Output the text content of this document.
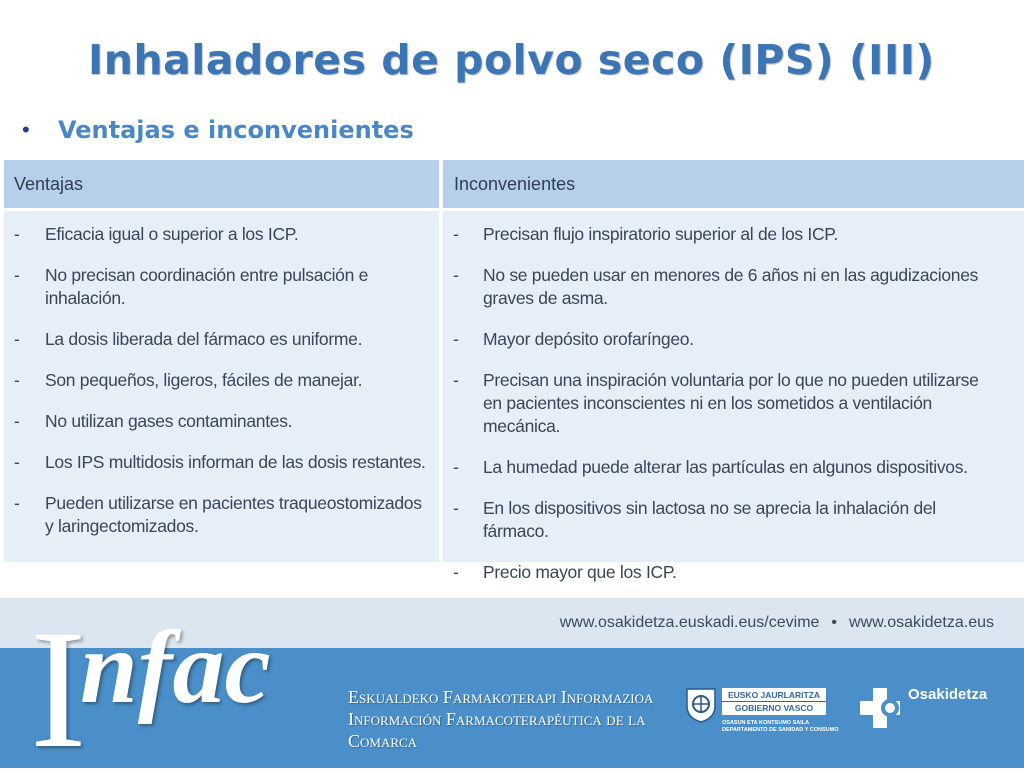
Inhaladores de polvo seco (IPS) (III)
•	Ventajas e inconvenientes
Ventajas
- Eficacia igual o superior a los ICP.
- No precisan coordinación entre pulsación e inhalación.
- La dosis liberada del fármaco es uniforme.
- Son pequeños, ligeros, fáciles de manejar.
- No utilizan gases contaminantes.
- Los IPS multidosis informan de las dosis restantes.
- Pueden utilizarse en pacientes traqueostomizados y laringectomizados.
Inconvenientes
- Precisan flujo inspiratorio superior al de los ICP.
- No se pueden usar en menores de 6 años ni en las agudizaciones graves de asma.
- Mayor depósito orofaríngeo.
- Precisan una inspiración voluntaria por lo que no pueden utilizarse en pacientes inconscientes ni en los sometidos a ventilación mecánica.
- La humedad puede alterar las partículas en algunos dispositivos.
- En los dispositivos sin lactosa no se aprecia la inhalación del fármaco.
- Precio mayor que los ICP.
www.osakidetza.euskadi.eus/cevime • www.osakidetza.eus
I
nfac	Eskualdeko Farmakoterapi Informazioa
Información Farmacoterapéutica de la Comarca
EUSKO JAURLARITZA
GOBIERNO VASCO
OSASUN ETA KONTSUMO SAILA
DEPARTAMENTO DE SANIDAD Y CONSUMO
Osakidetza
